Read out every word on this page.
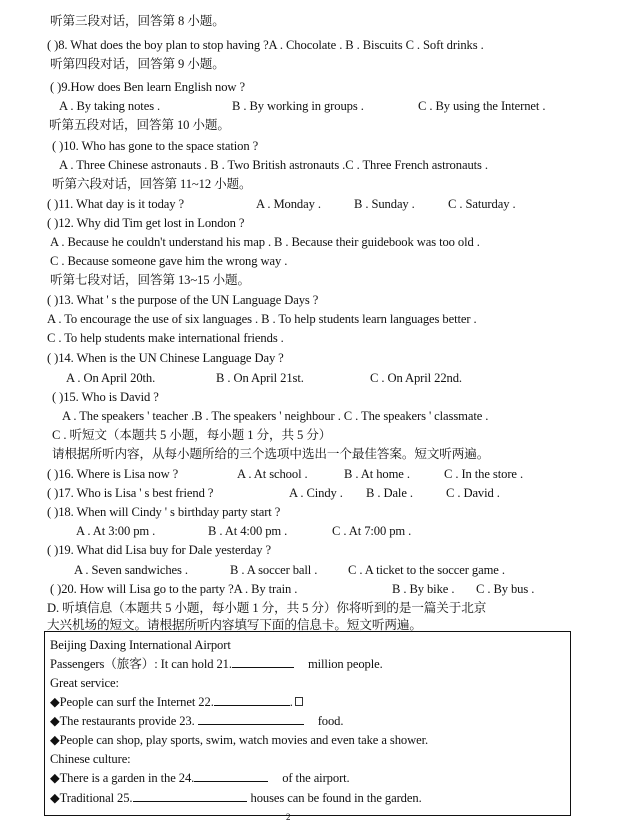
听第三段对话，回答第 8 小题。
( )8. What does the boy plan to stop having ?A . Chocolate . B . Biscuits C . Soft drinks .
听第四段对话，回答第 9 小题。
( )9.How does Ben learn English now ?
A . By taking notes .	B . By working in groups .	C . By using the Internet .
听第五段对话，回答第 10 小题。
( )10. Who has gone to the space station ?
A . Three Chinese astronauts . B . Two British astronauts .C . Three French astronauts .
听第六段对话，回答第 11~12 小题。
( )11. What day is it today ?	A . Monday .	B . Sunday .	C . Saturday .
( )12. Why did Tim get lost in London ?
A . Because he couldn't understand his map . B . Because their guidebook was too old .
C . Because someone gave him the wrong way .
听第七段对话，回答第 13~15 小题。
( )13. What ' s the purpose of the UN Language Days ?
A . To encourage the use of six languages . B . To help students learn languages better .
C . To help students make international friends .
( )14. When is the UN Chinese Language Day ?
A . On April 20th.	B . On April 21st.	C . On April 22nd.
( )15. Who is David ?
A . The speakers ' teacher .B . The speakers ' neighbour . C . The speakers ' classmate .
C . 听短文（本题共 5 小题，每小题 1 分，共 5 分）
请根据所听内容，从每小题所给的三个选项中选出一个最佳答案。短文听两遍。
( )16. Where is Lisa now ?	A . At school .	B . At home .	C . In the store .
( )17. Who is Lisa ' s best friend ?	A . Cindy . B . Dale .	C . David .
( )18. When will Cindy ' s birthday party start ?
A . At 3:00 pm .	B . At 4:00 pm .	C . At 7:00 pm .
( )19. What did Lisa buy for Dale yesterday ?
A . Seven sandwiches .	B . A soccer ball . C . A ticket to the soccer game .
( )20. How will Lisa go to the party ?A . By train .	B . By bike . C . By bus .
D. 听填信息（本题共 5 小题，每小题 1 分，共 5 分）你将听到的是一篇关于北京
大兴机场的短文。请根据所听内容填写下面的信息卡。短文听两遍。
Beijing Daxing International Airport
Passengers（旅客）: It can hold 21.	million people.
Great service:
◆People can surf the Internet 22.	.
◆The restaurants provide 23.	food.
◆People can shop, play sports, swim, watch movies and even take a shower.
Chinese culture:
◆There is a garden in the 24.	of the airport.
◆Traditional 25.	houses can be found in the garden.
2
